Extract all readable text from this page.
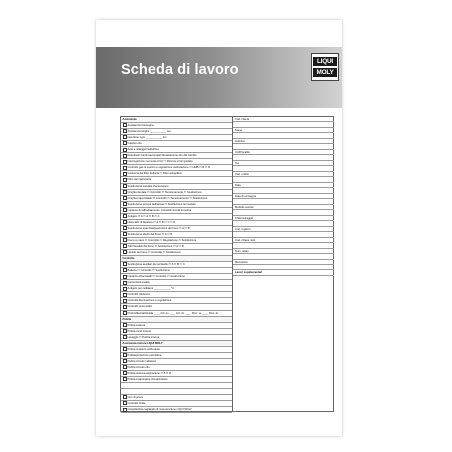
Scheda di lavoro
LIQUI
MOLY
Assistenza
Assistenza Consegna
Assistenza lunghe ___________ km
Ispezione ogni ___________ km
Cambio olio
Auto a noleggio/redistribui
Resettare/ Cambi automatici Resettazione olio del cambio
Interrogazione memoria errori ☐ Ricerca errori guidata
Controllo gas di scarico e regolazione carburazione ☐ HMB ☐ B ☐ D
Cartuccia del filtro dell'aria ☐ Filtro antipolline
Filtro del carburante
Sostituzione candele d'accensione
Cinghia dentata ☐ Controllo ☐ Tensionamento ☐ Sostituzione
Cinghia trapezoidale ☐ Controllo ☐ Tensionamento ☐ Sostituzione
Sostituzione pompa dell'acqua ☐ Sostituzione termostato
Impianto di raffreddamento: Controllo tenuta ermetica
Antigelo ☐ A ☐ A ☐ B ☐ C
Idroscatto di fasatura ☐ A ☐ B ☐ C ☐ D
Sostituzione spazzola/guarnizioni del freno ☐ A ☐ B
Sostituzione dischi del freno ☐ A ☐ B
Freno a mano ☐ Controllo ☐ Regolazione ☐ Sostituzione
Tubi flessibili del freno ☐ Sostituzione ☐ A ☐ B
Liquido del freno ☐ Controllo ☐ Sostituzione
Controllo
Sostituzione ausiliari dei portiselle ☐ A ☐ B ☐ C
Batteria ☐ Controllo ☐ Sostituzione
Impianto alzacristalli ☐ Controllo ☐ Sostituzione
Carrozzeria esatta
Antigelo per radiatore ___________ °C
Controllo rabbocco
Controllo illuminazione e regolazione
Controllo pneumatici
Profondità battistrada ____ Ant. sx ____ Ant. dx ____ Post. sx ____ Post. dx
Pulizia
Pulizia esterna
Pulizia vano motore
Lavaggio ☐ Pulizia interna
Assistenza motore LIQUI MOLY
Pulizia impianto carburante
Pulizia/protezione petrolifera
Pulizia circuito radiatore
Pulizia circuito olio
Pulizia sistema aspirazione ☐ A ☐ B
Pulizia evaporatore climatizzatore
Giro di prova
Controllo finale
Compilazione tagliando di manutenzione LIQUI MOLY
Cod. cliente
Nome
Indirizzo
CAP/località
Tel.
Cod. ordine
Data
Data di consegna
Modello veicolo
Chilometraggio
Cod. registro
Cod. chiave motr.
Num. telaio
Meccanico
Lavori supplementari
